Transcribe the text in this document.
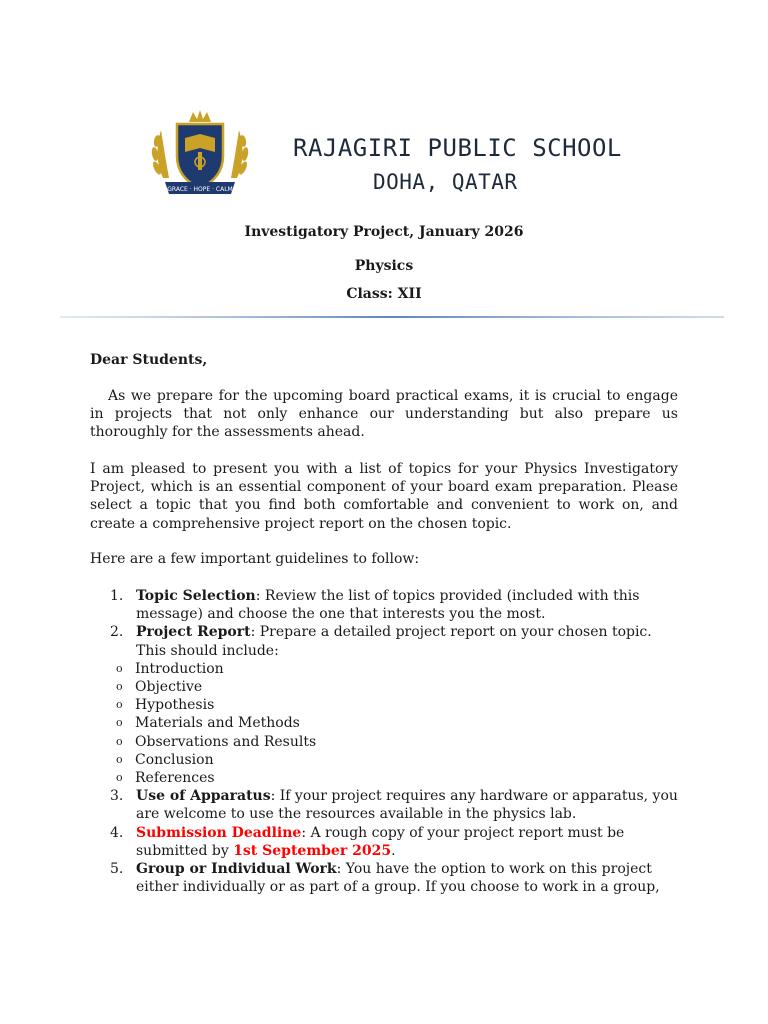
GRACE · HOPE · CALM
RAJAGIRI PUBLIC SCHOOL
DOHA, QATAR
Investigatory Project, January 2026
Physics
Class: XII
Dear Students,
As we prepare for the upcoming board practical exams, it is crucial to engage in projects that not only enhance our understanding but also prepare us thoroughly for the assessments ahead.
I am pleased to present you with a list of topics for your Physics Investigatory Project, which is an essential component of your board exam preparation. Please select a topic that you find both comfortable and convenient to work on, and create a comprehensive project report on the chosen topic.
Here are a few important guidelines to follow:
1. Topic Selection: Review the list of topics provided (included with this message) and choose the one that interests you the most.
2. Project Report: Prepare a detailed project report on your chosen topic. This should include:
o Introduction
o Objective
o Hypothesis
o Materials and Methods
o Observations and Results
o Conclusion
o References
3. Use of Apparatus: If your project requires any hardware or apparatus, you are welcome to use the resources available in the physics lab.
4. Submission Deadline: A rough copy of your project report must be submitted by 1st September 2025.
5. Group or Individual Work: You have the option to work on this project either individually or as part of a group. If you choose to work in a group,
